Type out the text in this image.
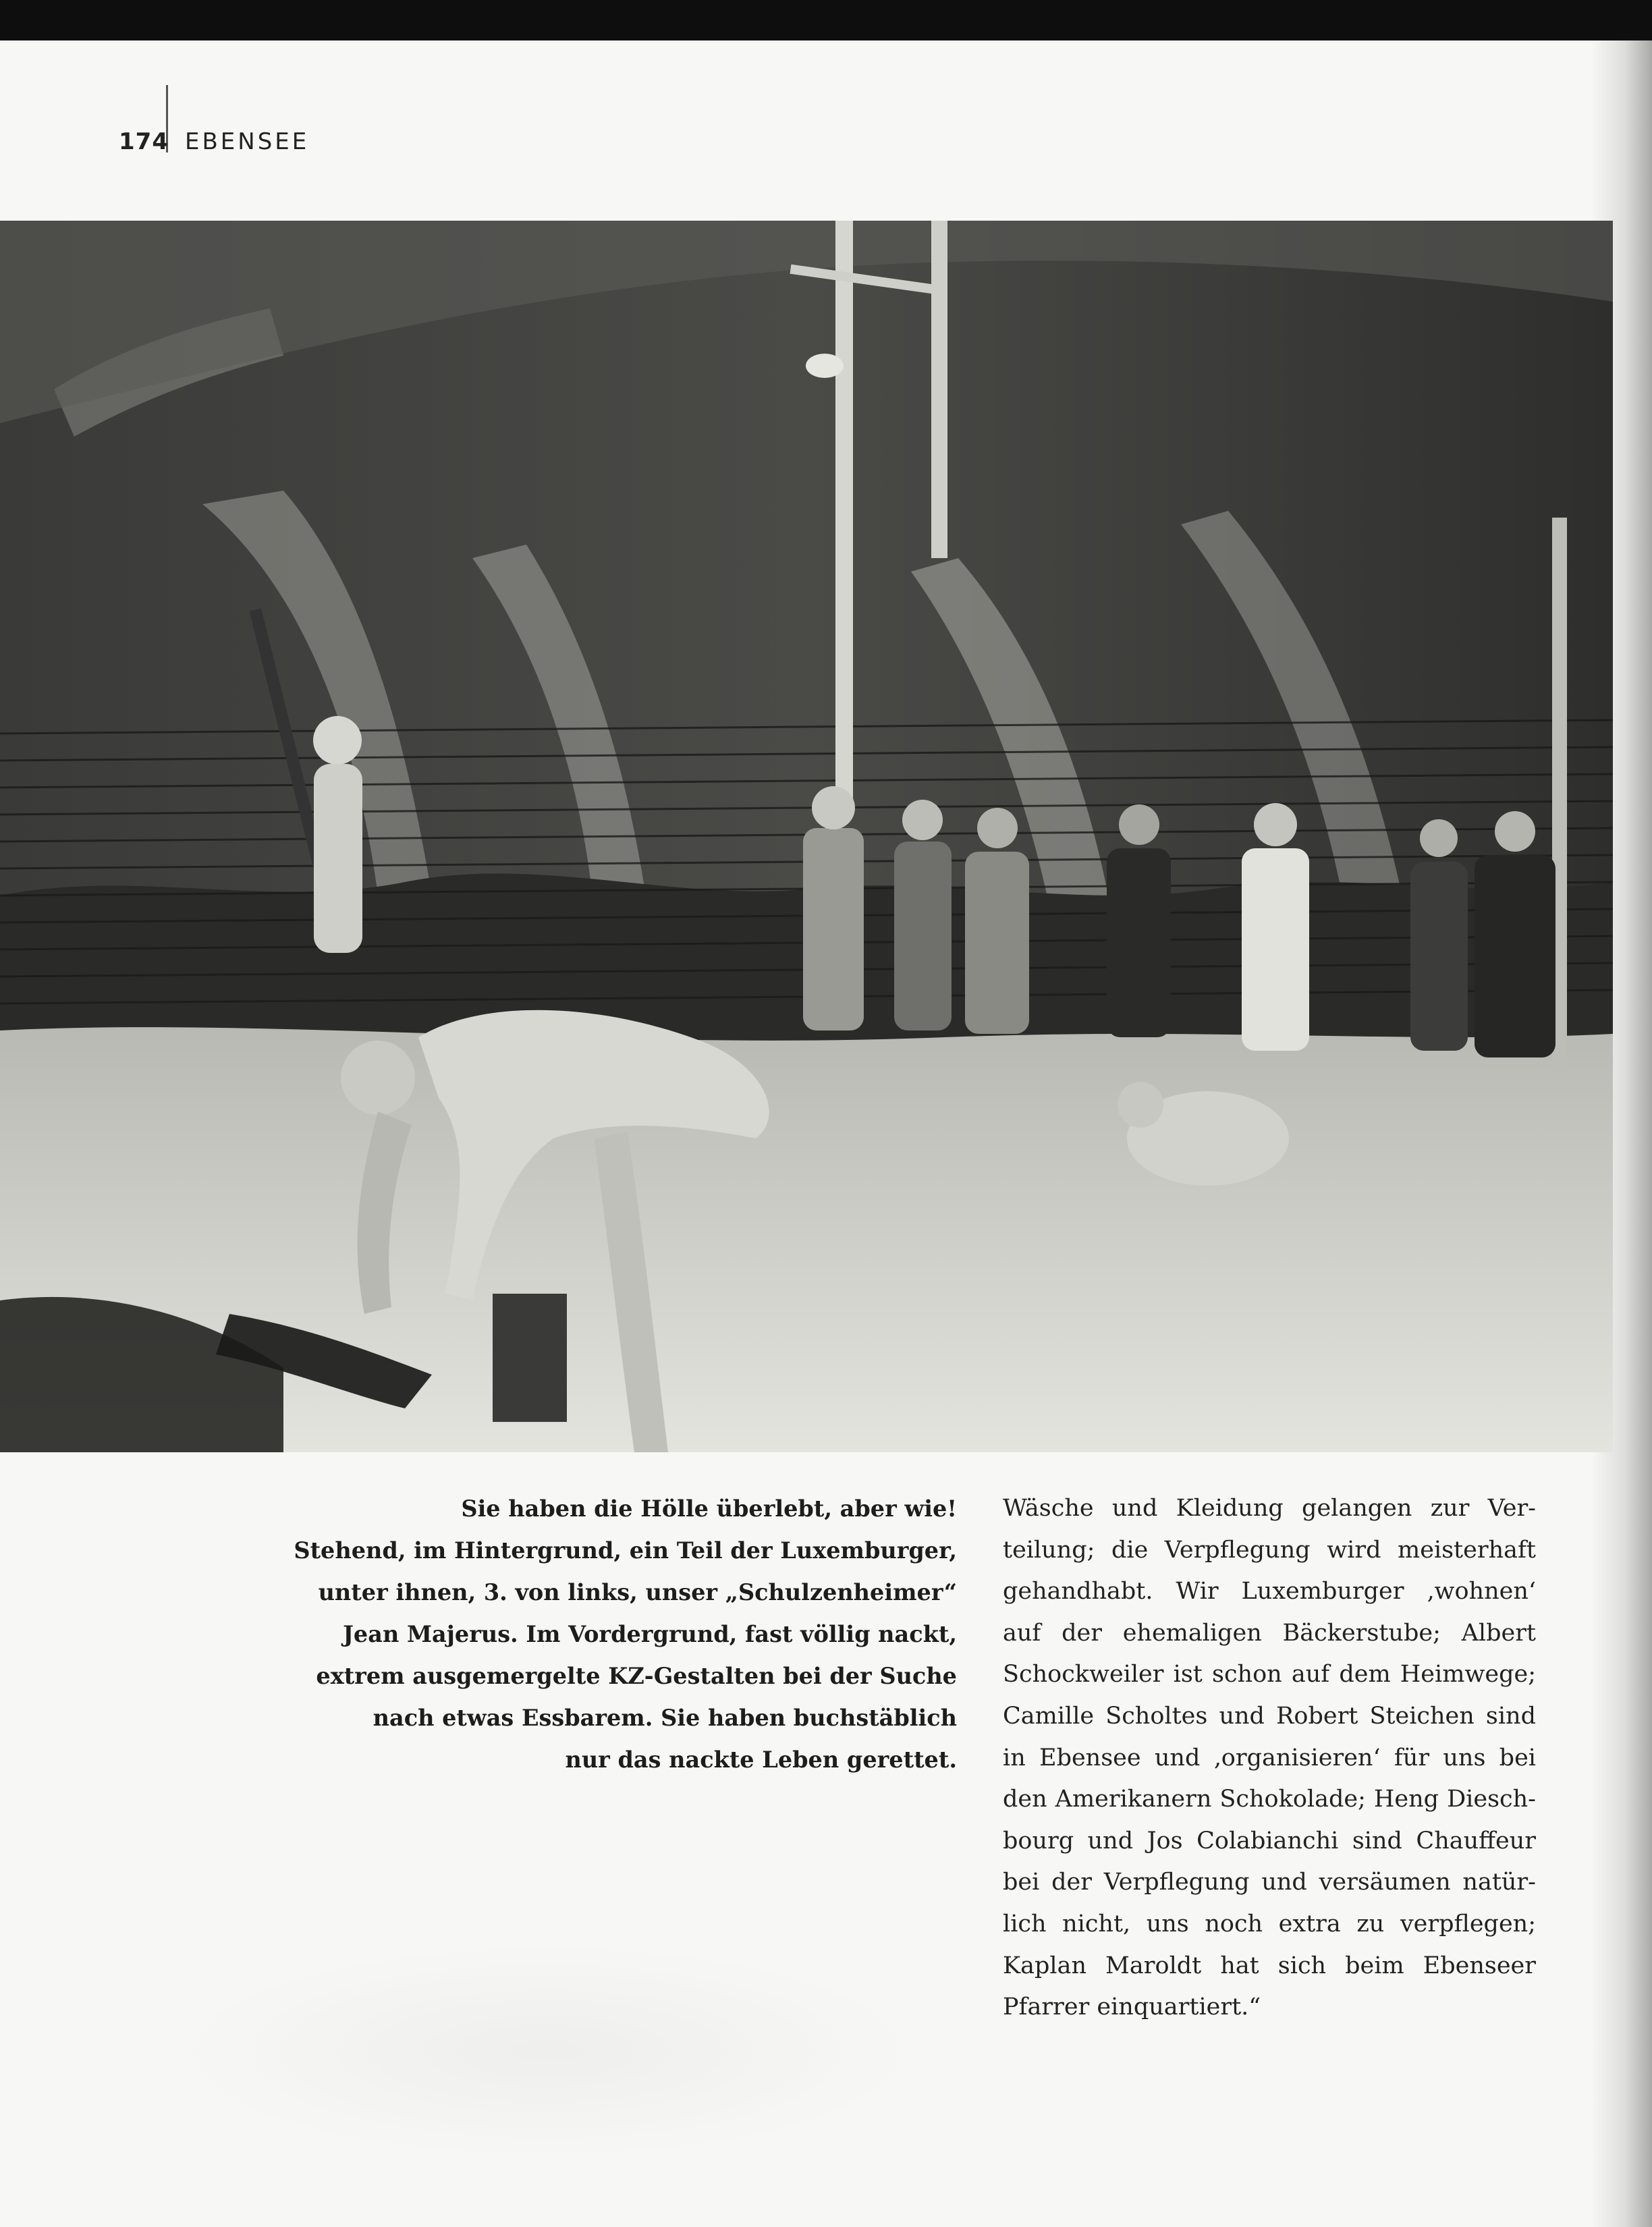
174 EBENSEE
Sie haben die Hölle überlebt, aber wie!
Stehend, im Hintergrund, ein Teil der Luxemburger,
unter ihnen, 3. von links, unser „Schulzenheimer“
Jean Majerus. Im Vordergrund, fast völlig nackt,
extrem ausgemergelte KZ-Gestalten bei der Suche
nach etwas Essbarem. Sie haben buchstäblich
nur das nackte Leben gerettet.
Wäsche und Kleidung gelangen zur Ver-
teilung; die Verpflegung wird meisterhaft
gehandhabt. Wir Luxemburger ‚wohnen‘
auf der ehemaligen Bäckerstube; Albert
Schockweiler ist schon auf dem Heimwege;
Camille Scholtes und Robert Steichen sind
in Ebensee und ‚organisieren‘ für uns bei
den Amerikanern Schokolade; Heng Diesch-
bourg und Jos Colabianchi sind Chauffeur
bei der Verpflegung und versäumen natür-
lich nicht, uns noch extra zu verpflegen;
Kaplan Maroldt hat sich beim Ebenseer
Pfarrer einquartiert.“
